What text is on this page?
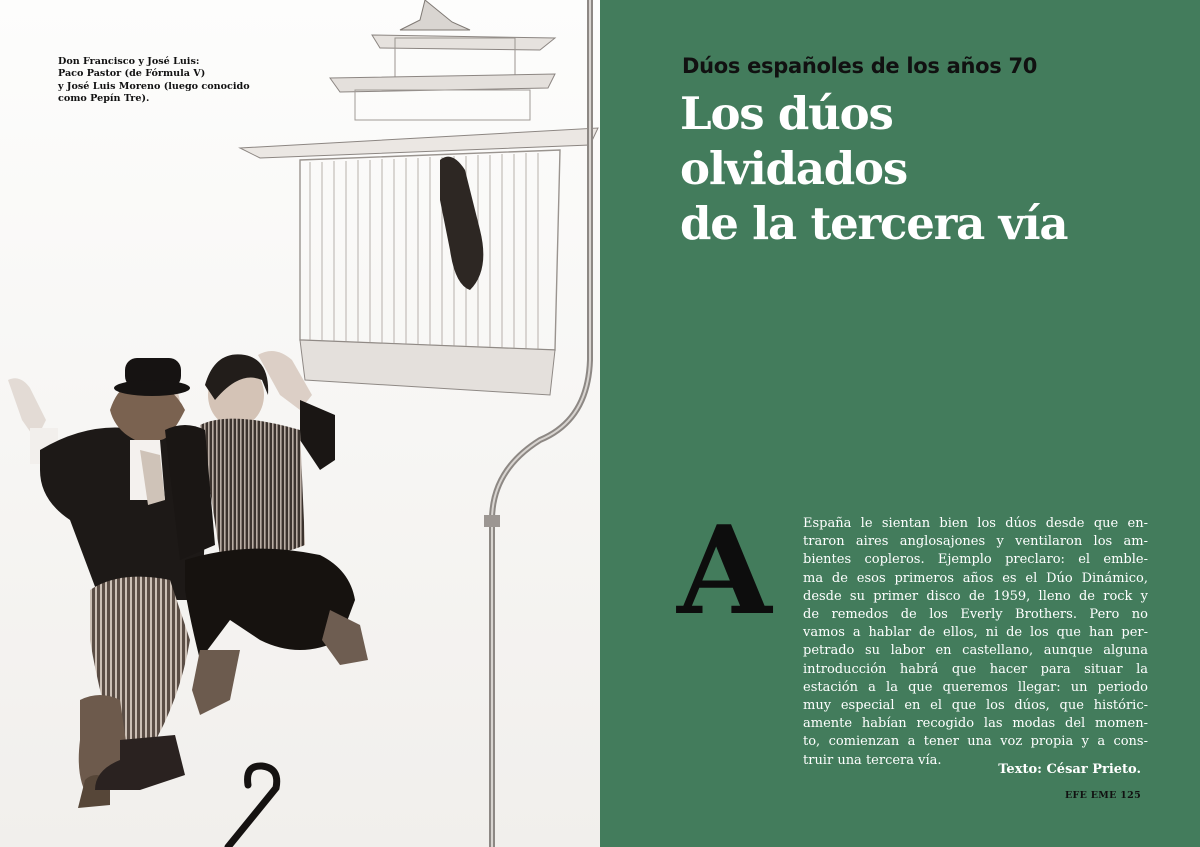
Don Francisco y José Luis:
Paco Pastor (de Fórmula V)
y José Luis Moreno (luego conocido
como Pepín Tre).
Dúos españoles de los años 70
Los dúos
olvidados
de la tercera vía
A España le sientan bien los dúos desde que en-
traron aires anglosajones y ventilaron los am-
bientes copleros. Ejemplo preclaro: el emble-
ma de esos primeros años es el Dúo Dinámico,
desde su primer disco de 1959, lleno de rock y
de remedos de los Everly Brothers. Pero no
vamos a hablar de ellos, ni de los que han per-
petrado su labor en castellano, aunque alguna
introducción habrá que hacer para situar la
estación a la que queremos llegar: un periodo
muy especial en el que los dúos, que históric-
amente habían recogido las modas del momen-
to, comienzan a tener una voz propia y a cons-
truir una tercera vía.
Texto: César Prieto.
EFE EME 125
